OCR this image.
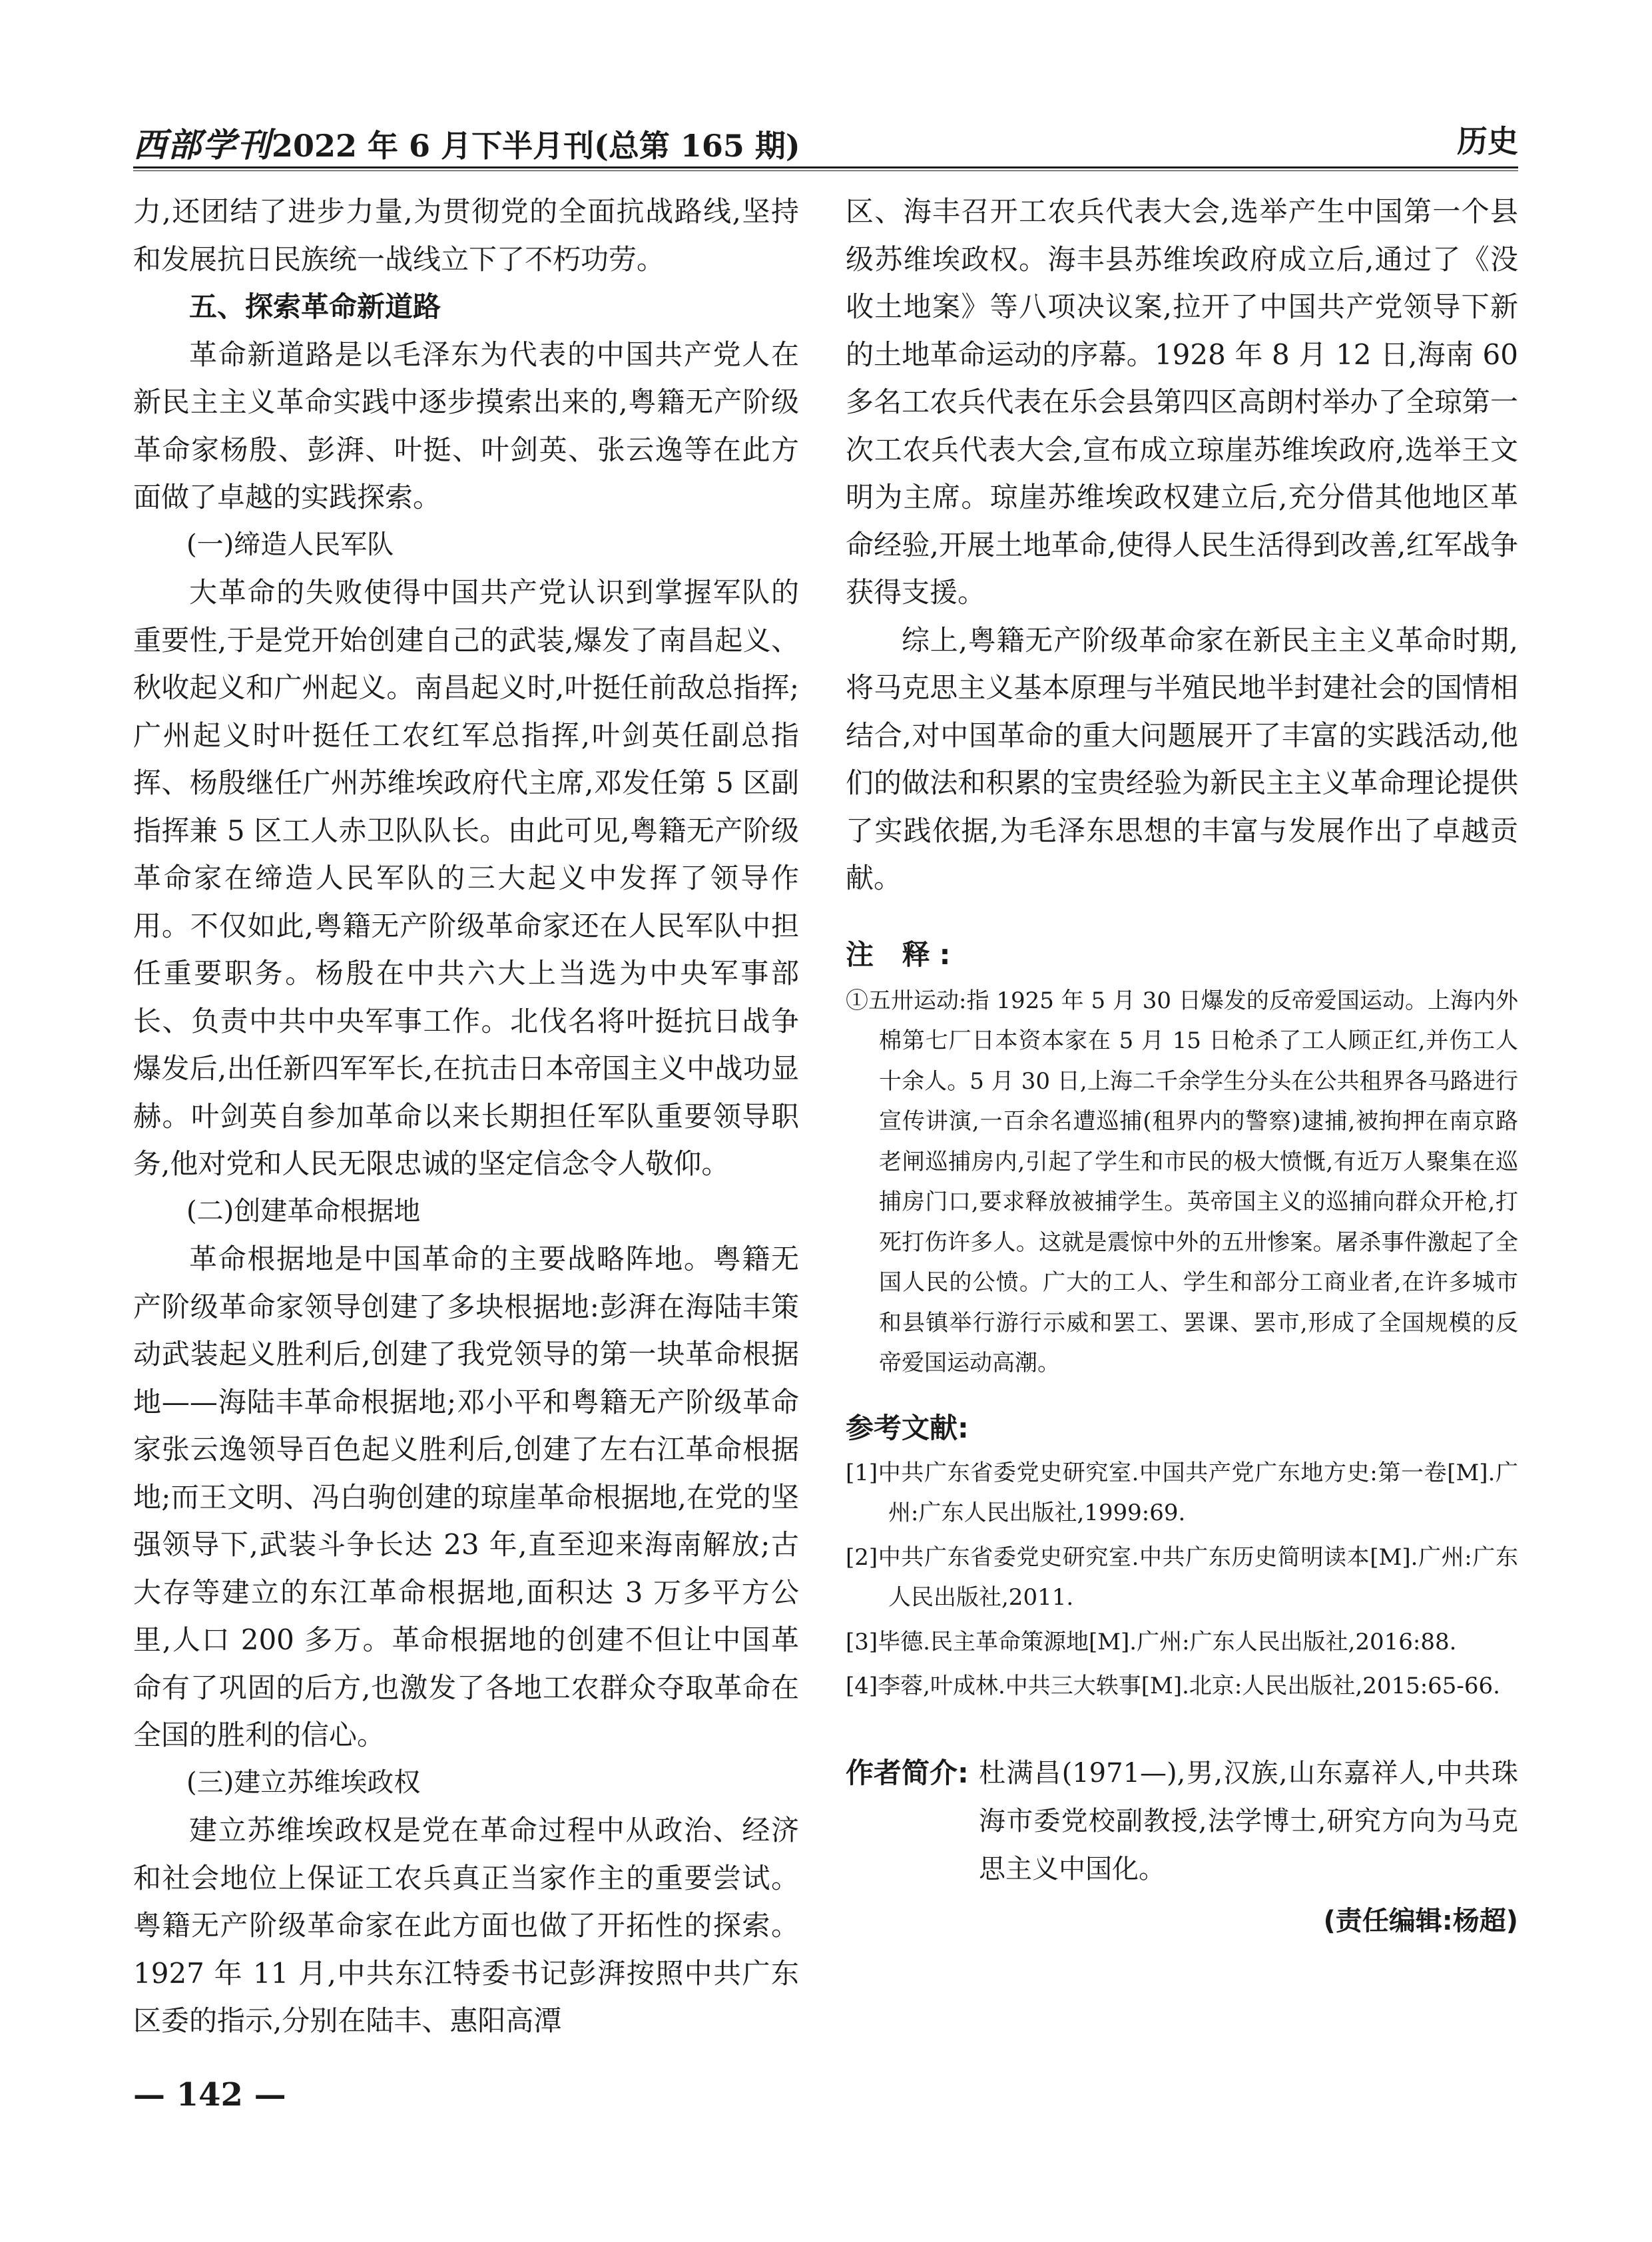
西部学刊2022 年 6 月下半月刊(总第 165 期)	历史

力,还团结了进步力量,为贯彻党的全面抗战路线,坚持和发展抗日民族统一战线立下了不朽功劳。

五、探索革命新道路

革命新道路是以毛泽东为代表的中国共产党人在新民主主义革命实践中逐步摸索出来的,粤籍无产阶级革命家杨殷、彭湃、叶挺、叶剑英、张云逸等在此方面做了卓越的实践探索。

(一)缔造人民军队

大革命的失败使得中国共产党认识到掌握军队的重要性,于是党开始创建自己的武装,爆发了南昌起义、秋收起义和广州起义。南昌起义时,叶挺任前敌总指挥;广州起义时叶挺任工农红军总指挥,叶剑英任副总指挥、杨殷继任广州苏维埃政府代主席,邓发任第 5 区副指挥兼 5 区工人赤卫队队长。由此可见,粤籍无产阶级革命家在缔造人民军队的三大起义中发挥了领导作用。不仅如此,粤籍无产阶级革命家还在人民军队中担任重要职务。杨殷在中共六大上当选为中央军事部长、负责中共中央军事工作。北伐名将叶挺抗日战争爆发后,出任新四军军长,在抗击日本帝国主义中战功显赫。叶剑英自参加革命以来长期担任军队重要领导职务,他对党和人民无限忠诚的坚定信念令人敬仰。

(二)创建革命根据地

革命根据地是中国革命的主要战略阵地。粤籍无产阶级革命家领导创建了多块根据地:彭湃在海陆丰策动武装起义胜利后,创建了我党领导的第一块革命根据地——海陆丰革命根据地;邓小平和粤籍无产阶级革命家张云逸领导百色起义胜利后,创建了左右江革命根据地;而王文明、冯白驹创建的琼崖革命根据地,在党的坚强领导下,武装斗争长达 23 年,直至迎来海南解放;古大存等建立的东江革命根据地,面积达 3 万多平方公里,人口 200 多万。革命根据地的创建不但让中国革命有了巩固的后方,也激发了各地工农群众夺取革命在全国的胜利的信心。

(三)建立苏维埃政权

建立苏维埃政权是党在革命过程中从政治、经济和社会地位上保证工农兵真正当家作主的重要尝试。粤籍无产阶级革命家在此方面也做了开拓性的探索。1927 年 11 月,中共东江特委书记彭湃按照中共广东区委的指示,分别在陆丰、惠阳高潭

区、海丰召开工农兵代表大会,选举产生中国第一个县级苏维埃政权。海丰县苏维埃政府成立后,通过了《没收土地案》等八项决议案,拉开了中国共产党领导下新的土地革命运动的序幕。1928 年 8 月 12 日,海南 60 多名工农兵代表在乐会县第四区高朗村举办了全琼第一次工农兵代表大会,宣布成立琼崖苏维埃政府,选举王文明为主席。琼崖苏维埃政权建立后,充分借其他地区革命经验,开展土地革命,使得人民生活得到改善,红军战争获得支援。

综上,粤籍无产阶级革命家在新民主主义革命时期,将马克思主义基本原理与半殖民地半封建社会的国情相结合,对中国革命的重大问题展开了丰富的实践活动,他们的做法和积累的宝贵经验为新民主主义革命理论提供了实践依据,为毛泽东思想的丰富与发展作出了卓越贡献。

注 释:

①五卅运动:指 1925 年 5 月 30 日爆发的反帝爱国运动。上海内外棉第七厂日本资本家在 5 月 15 日枪杀了工人顾正红,并伤工人十余人。5 月 30 日,上海二千余学生分头在公共租界各马路进行宣传讲演,一百余名遭巡捕(租界内的警察)逮捕,被拘押在南京路老闸巡捕房内,引起了学生和市民的极大愤慨,有近万人聚集在巡捕房门口,要求释放被捕学生。英帝国主义的巡捕向群众开枪,打死打伤许多人。这就是震惊中外的五卅惨案。屠杀事件激起了全国人民的公愤。广大的工人、学生和部分工商业者,在许多城市和县镇举行游行示威和罢工、罢课、罢市,形成了全国规模的反帝爱国运动高潮。

参考文献:

[1]中共广东省委党史研究室.中国共产党广东地方史:第一卷[M].广州:广东人民出版社,1999:69.

[2]中共广东省委党史研究室.中共广东历史简明读本[M].广州:广东人民出版社,2011.

[3]毕德.民主革命策源地[M].广州:广东人民出版社,2016:88.

[4]李蓉,叶成林.中共三大轶事[M].北京:人民出版社,2015:65-66.

作者简介: 杜满昌(1971—),男,汉族,山东嘉祥人,中共珠海市委党校副教授,法学博士,研究方向为马克思主义中国化。
(责任编辑:杨超)
— 142 —
